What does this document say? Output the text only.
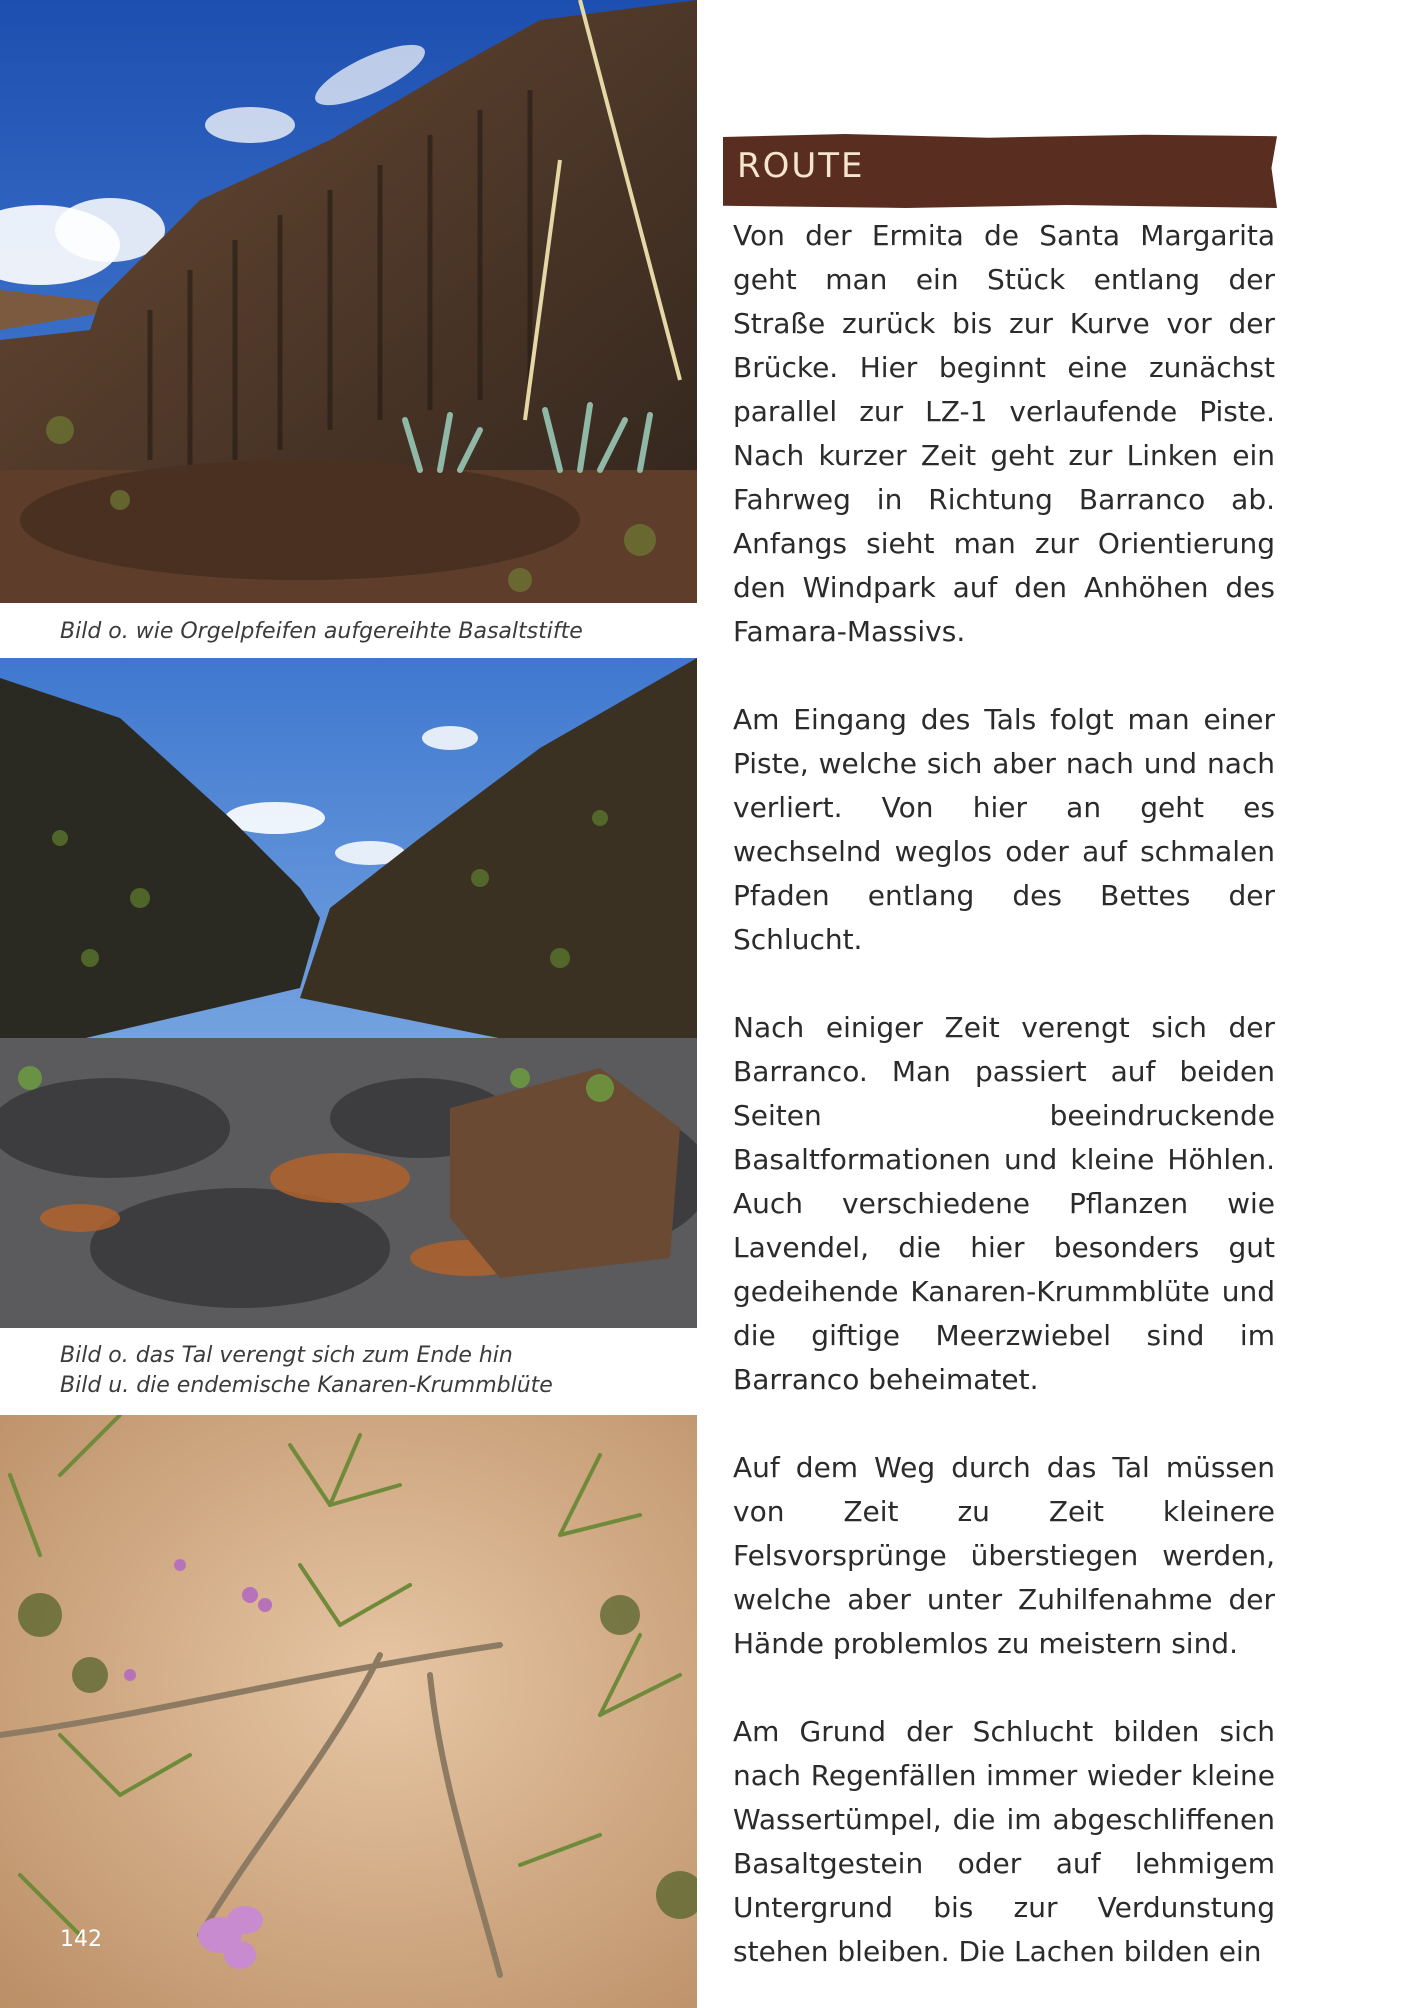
Bild o. wie Orgelpfeifen aufgereihte Basaltstifte
Bild o. das Tal verengt sich zum Ende hin
Bild u. die endemische Kanaren-Krummblüte
142
ROUTE

Von der Ermita de Santa Margarita geht man ein Stück entlang der Straße zurück bis zur Kurve vor der Brücke. Hier beginnt eine zunächst parallel zur LZ-1 verlaufende Piste. Nach kurzer Zeit geht zur Linken ein Fahrweg in Richtung Barranco ab. Anfangs sieht man zur Orientierung den Windpark auf den Anhöhen des Famara-Massivs.

Am Eingang des Tals folgt man einer Piste, welche sich aber nach und nach verliert. Von hier an geht es wechselnd weglos oder auf schmalen Pfaden entlang des Bettes der Schlucht.

Nach einiger Zeit verengt sich der Barranco. Man passiert auf beiden Seiten beeindruckende Basaltformationen und kleine Höhlen. Auch verschiedene Pflanzen wie Lavendel, die hier besonders gut gedeihende Kanaren-Krummblüte und die giftige Meerzwiebel sind im Barranco beheimatet.

Auf dem Weg durch das Tal müssen von Zeit zu Zeit kleinere Felsvorsprünge überstiegen werden, welche aber unter Zuhilfenahme der Hände problemlos zu meistern sind.

Am Grund der Schlucht bilden sich nach Regenfällen immer wieder kleine Wassertümpel, die im abgeschliffenen Basaltgestein oder auf lehmigem Untergrund bis zur Verdunstung stehen bleiben. Die Lachen bilden ein
